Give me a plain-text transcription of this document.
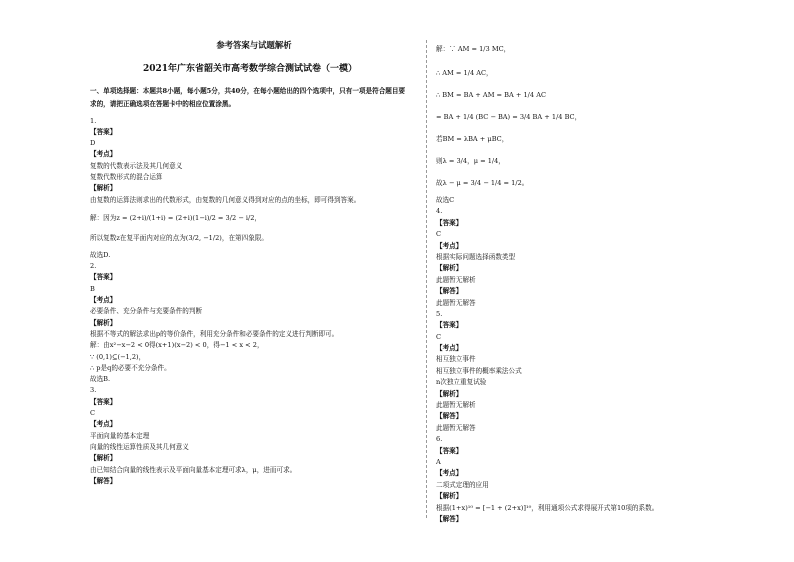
参考答案与试题解析
2021年广东省韶关市高考数学综合测试试卷（一模）
一、单项选择题：本题共8小题，每小题5分，共40分，在每小题给出的四个选项中，只有一项是符合题目要求的，请把正确选项在答题卡中的相应位置涂黑。
1.
【答案】
D
【考点】
复数的代数表示法及其几何意义
复数代数形式的混合运算
【解析】
由复数的运算法则求出的代数形式，由复数的几何意义得到对应的点的坐标，即可得到答案。
解：因为z = (2+i)/(1+i) = (2+i)(1−i)/2 = 3/2 − i/2，
所以复数z在复平面内对应的点为(3/2, −1/2)，在第四象限。
故选D.
2.
【答案】
B
【考点】
必要条件、充分条件与充要条件的判断
【解析】
根据不等式的解法求出p的等价条件，利用充分条件和必要条件的定义进行判断即可。
解：由x²−x−2 < 0得(x+1)(x−2) < 0，得−1 < x < 2，
∵ (0,1)⊆(−1,2)，
∴ p是q的必要不充分条件。
故选B.
3.
【答案】
C
【考点】
平面向量的基本定理
向量的线性运算性质及其几何意义
【解析】
由已知结合向量的线性表示及平面向量基本定理可求λ，μ，进而可求。
【解答】
解：∵ AM = 1/3 MC，
∴ AM = 1/4 AC，
∴ BM = BA + AM = BA + 1/4 AC
= BA + 1/4 (BC − BA) = 3/4 BA + 1/4 BC，
若BM = λBA + μBC，
则λ = 3/4，μ = 1/4，
故λ − μ = 3/4 − 1/4 = 1/2。
故选C
4.
【答案】
C
【考点】
根据实际问题选择函数类型
【解析】
此题暂无解析
【解答】
此题暂无解答
5.
【答案】
C
【考点】
相互独立事件
相互独立事件的概率乘法公式
n次独立重复试验
【解析】
此题暂无解析
【解答】
此题暂无解答
6.
【答案】
A
【考点】
二项式定理的应用
【解析】
根据(1+x)¹⁰ = [−1 + (2+x)]¹⁰，利用通项公式求得展开式第10项的系数。
【解答】
